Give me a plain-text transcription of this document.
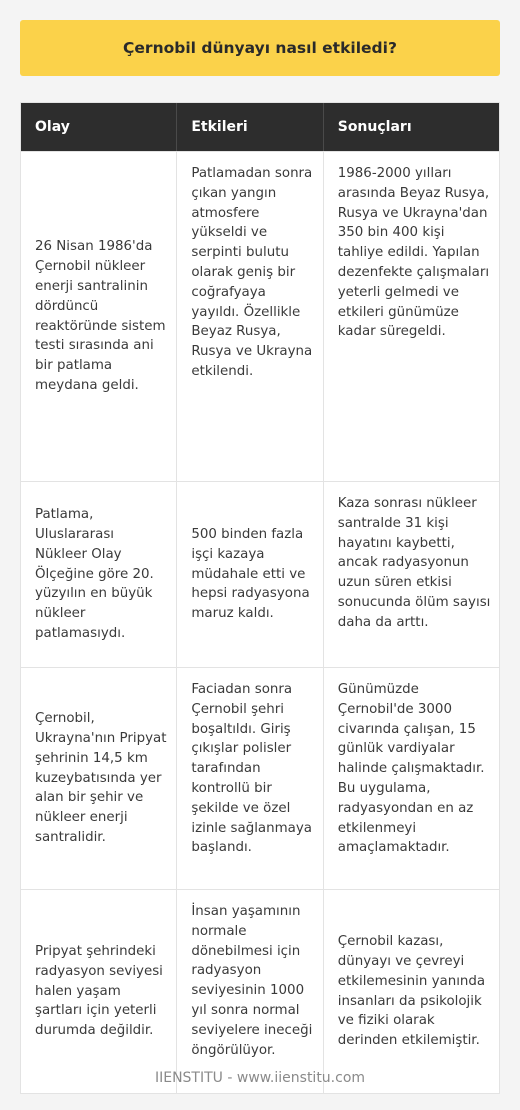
Çernobil dünyayı nasıl etkiledi?
Olay	Etkileri	Sonuçları
26 Nisan 1986'da Çernobil nükleer enerji santralinin dördüncü reaktöründe sistem testi sırasında ani bir patlama meydana geldi.
Patlamadan sonra çıkan yangın atmosfere yükseldi ve serpinti bulutu olarak geniş bir coğrafyaya yayıldı. Özellikle Beyaz Rusya, Rusya ve Ukrayna etkilendi.
1986-2000 yılları arasında Beyaz Rusya, Rusya ve Ukrayna'dan 350 bin 400 kişi tahliye edildi. Yapılan dezenfekte çalışmaları yeterli gelmedi ve etkileri günümüze kadar süregeldi.
Patlama, Uluslararası Nükleer Olay Ölçeğine göre 20. yüzyılın en büyük nükleer patlamasıydı.
500 binden fazla işçi kazaya müdahale etti ve hepsi radyasyona maruz kaldı.
Kaza sonrası nükleer santralde 31 kişi hayatını kaybetti, ancak radyasyonun uzun süren etkisi sonucunda ölüm sayısı daha da arttı.
Çernobil, Ukrayna'nın Pripyat şehrinin 14,5 km kuzeybatısında yer alan bir şehir ve nükleer enerji santralidir.
Faciadan sonra Çernobil şehri boşaltıldı. Giriş çıkışlar polisler tarafından kontrollü bir şekilde ve özel izinle sağlanmaya başlandı.
Günümüzde Çernobil'de 3000 civarında çalışan, 15 günlük vardiyalar halinde çalışmaktadır. Bu uygulama, radyasyondan en az etkilenmeyi amaçlamaktadır.
Pripyat şehrindeki radyasyon seviyesi halen yaşam şartları için yeterli durumda değildir.
İnsan yaşamının normale dönebilmesi için radyasyon seviyesinin 1000 yıl sonra normal seviyelere ineceği öngörülüyor.
Çernobil kazası, dünyayı ve çevreyi etkilemesinin yanında insanları da psikolojik ve fiziki olarak derinden etkilemiştir.
IIENSTITU - www.iienstitu.com
